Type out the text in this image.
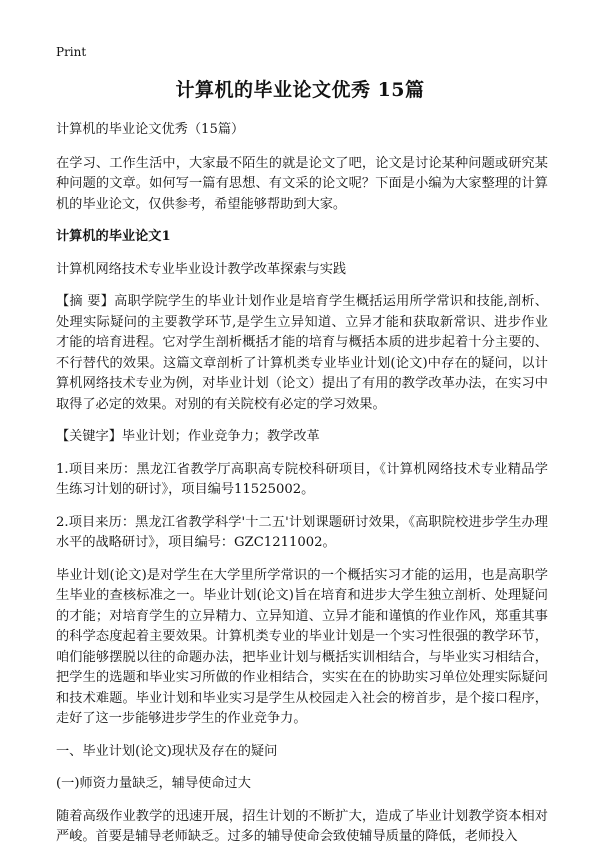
Print
计算机的毕业论文优秀 15篇

计算机的毕业论文优秀（15篇）

在学习、工作生活中，大家最不陌生的就是论文了吧，论文是讨论某种问题或研究某种问题的文章。如何写一篇有思想、有文采的论文呢？下面是小编为大家整理的计算机的毕业论文，仅供参考，希望能够帮助到大家。

计算机的毕业论文1

计算机网络技术专业毕业设计教学改革探索与实践

【摘 要】高职学院学生的毕业计划作业是培育学生概括运用所学常识和技能,剖析、处理实际疑问的主要教学环节,是学生立异知道、立异才能和获取新常识、进步作业才能的培育进程。它对学生剖析概括才能的培育与概括本质的进步起着十分主要的、不行替代的效果。这篇文章剖析了计算机类专业毕业计划(论文)中存在的疑问，以计算机网络技术专业为例，对毕业计划（论文）提出了有用的教学改革办法，在实习中取得了必定的效果。对别的有关院校有必定的学习效果。

【关键字】毕业计划；作业竞争力；教学改革

1.项目来历：黑龙江省教学厅高职高专院校科研项目，《计算机网络技术专业精品学生练习计划的研讨》，项目编号11525002。

2.项目来历：黑龙江省教学科学'十二五'计划课题研讨效果，《高职院校进步学生办理水平的战略研讨》，项目编号：GZC1211002。

毕业计划(论文)是对学生在大学里所学常识的一个概括实习才能的运用，也是高职学生毕业的查核标准之一。毕业计划(论文)旨在培育和进步大学生独立剖析、处理疑问的才能；对培育学生的立异精力、立异知道、立异才能和谨慎的作业作风，郑重其事的科学态度起着主要效果。计算机类专业的毕业计划是一个实习性很强的教学环节，咱们能够摆脱以往的命题办法，把毕业计划与概括实训相结合，与毕业实习相结合，把学生的选题和毕业实习所做的作业相结合，实实在在的协助实习单位处理实际疑问和技术难题。毕业计划和毕业实习是学生从校园走入社会的榜首步，是个接口程序，走好了这一步能够进步学生的作业竞争力。

一、毕业计划(论文)现状及存在的疑问

(一)师资力量缺乏，辅导使命过大

随着高级作业教学的迅速开展，招生计划的不断扩大，造成了毕业计划教学资本相对严峻。首要是辅导老师缺乏。过多的辅导使命会致使辅导质量的降低，老师投入
